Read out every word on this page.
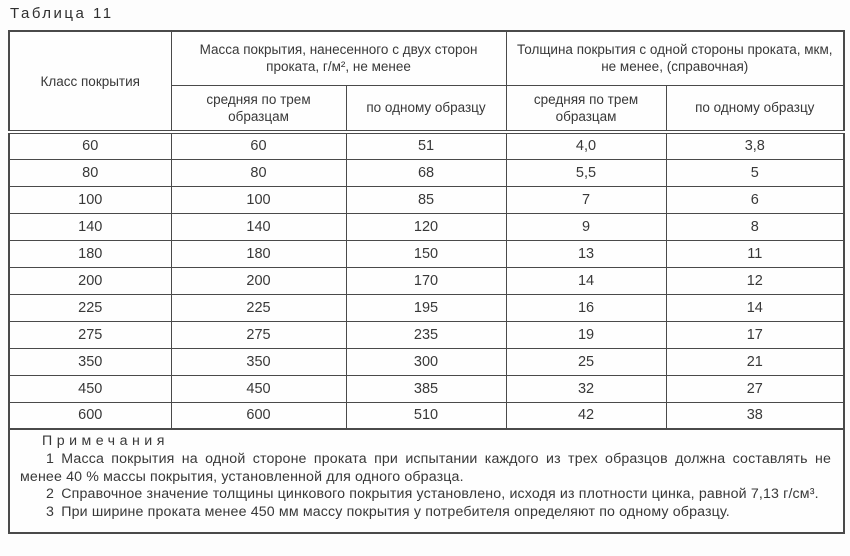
Таблица 11
Класс покрытия	Масса покрытия, нанесенного с двух сторон проката, г/м², не менее		Толщина покрытия с одной стороны проката, мкм, не менее, (справочная)	
	средняя по трем образцам	по одному образцу	средняя по трем образцам	по одному образцу
60	60	51	4,0	3,8
80	80	68	5,5	5
100	100	85	7	6
140	140	120	9	8
180	180	150	13	11
200	200	170	14	12
225	225	195	16	14
275	275	235	19	17
350	350	300	25	21
450	450	385	32	27
600	600	510	42	38

Примечания

1 Масса покрытия на одной стороне проката при испытании каждого из трех образцов должна составлять не менее 40 % массы покрытия, установленной для одного образца.

2 Справочное значение толщины цинкового покрытия установлено, исходя из плотности цинка, равной 7,13 г/см³.

3 При ширине проката менее 450 мм массу покрытия у потребителя определяют по одному образцу.				
